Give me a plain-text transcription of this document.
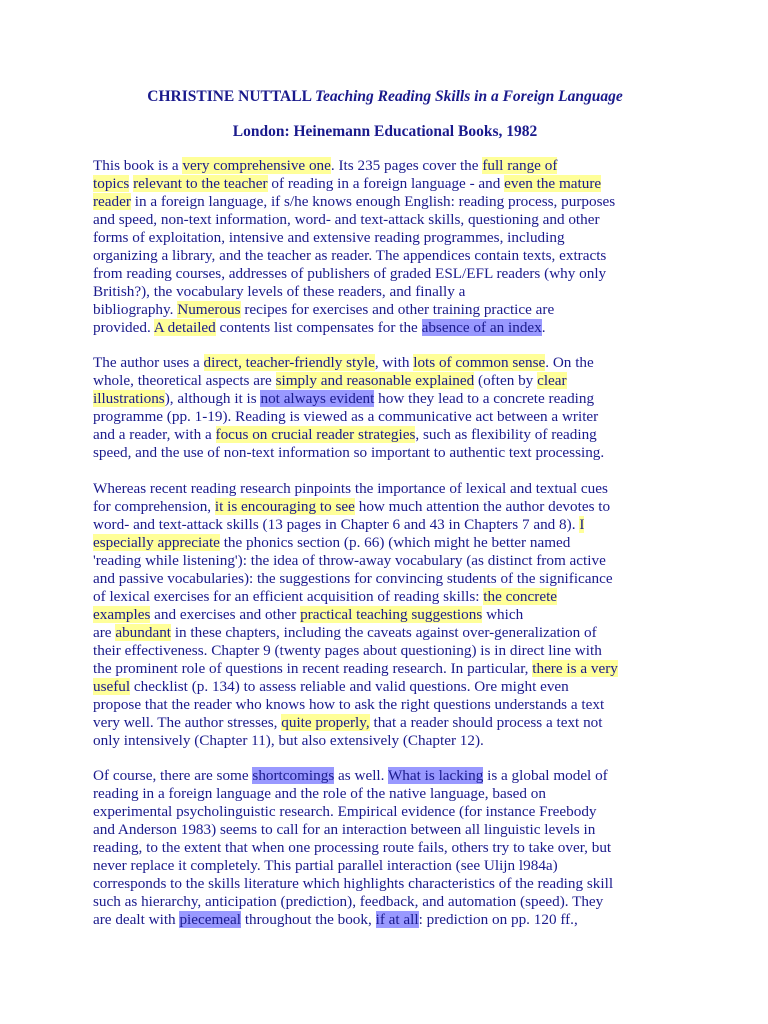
CHRISTINE NUTTALL Teaching Reading Skills in a Foreign Language

London: Heinemann Educational Books, 1982

This book is a very comprehensive one. Its 235 pages cover the full range of
topics relevant to the teacher of reading in a foreign language - and even the mature
reader in a foreign language, if s/he knows enough English: reading process, purposes
and speed, non-text information, word- and text-attack skills, questioning and other
forms of exploitation, intensive and extensive reading programmes, including
organizing a library, and the teacher as reader. The appendices contain texts, extracts
from reading courses, addresses of publishers of graded ESL/EFL readers (why only
British?), the vocabulary levels of these readers, and finally a
bibliography. Numerous recipes for exercises and other training practice are
provided. A detailed contents list compensates for the absence of an index.
The author uses a direct, teacher-friendly style, with lots of common sense. On the
whole, theoretical aspects are simply and reasonable explained (often by clear
illustrations), although it is not always evident how they lead to a concrete reading
programme (pp. 1-19). Reading is viewed as a communicative act between a writer
and a reader, with a focus on crucial reader strategies, such as flexibility of reading
speed, and the use of non-text information so important to authentic text processing.
Whereas recent reading research pinpoints the importance of lexical and textual cues
for comprehension, it is encouraging to see how much attention the author devotes to
word- and text-attack skills (13 pages in Chapter 6 and 43 in Chapters 7 and 8). I
especially appreciate the phonics section (p. 66) (which might he better named
'reading while listening'): the idea of throw-away vocabulary (as distinct from active
and passive vocabularies): the suggestions for convincing students of the significance
of lexical exercises for an efficient acquisition of reading skills: the concrete
examples and exercises and other practical teaching suggestions which
are abundant in these chapters, including the caveats against over-generalization of
their effectiveness. Chapter 9 (twenty pages about questioning) is in direct line with
the prominent role of questions in recent reading research. In particular, there is a very
useful checklist (p. 134) to assess reliable and valid questions. Ore might even
propose that the reader who knows how to ask the right questions understands a text
very well. The author stresses, quite properly, that a reader should process a text not
only intensively (Chapter 11), but also extensively (Chapter 12).
Of course, there are some shortcomings as well. What is lacking is a global model of
reading in a foreign language and the role of the native language, based on
experimental psycholinguistic research. Empirical evidence (for instance Freebody
and Anderson 1983) seems to call for an interaction between all linguistic levels in
reading, to the extent that when one processing route fails, others try to take over, but
never replace it completely. This partial parallel interaction (see Ulijn l984a)
corresponds to the skills literature which highlights characteristics of the reading skill
such as hierarchy, anticipation (prediction), feedback, and automation (speed). They
are dealt with piecemeal throughout the book, if at all: prediction on pp. 120 ff.,
